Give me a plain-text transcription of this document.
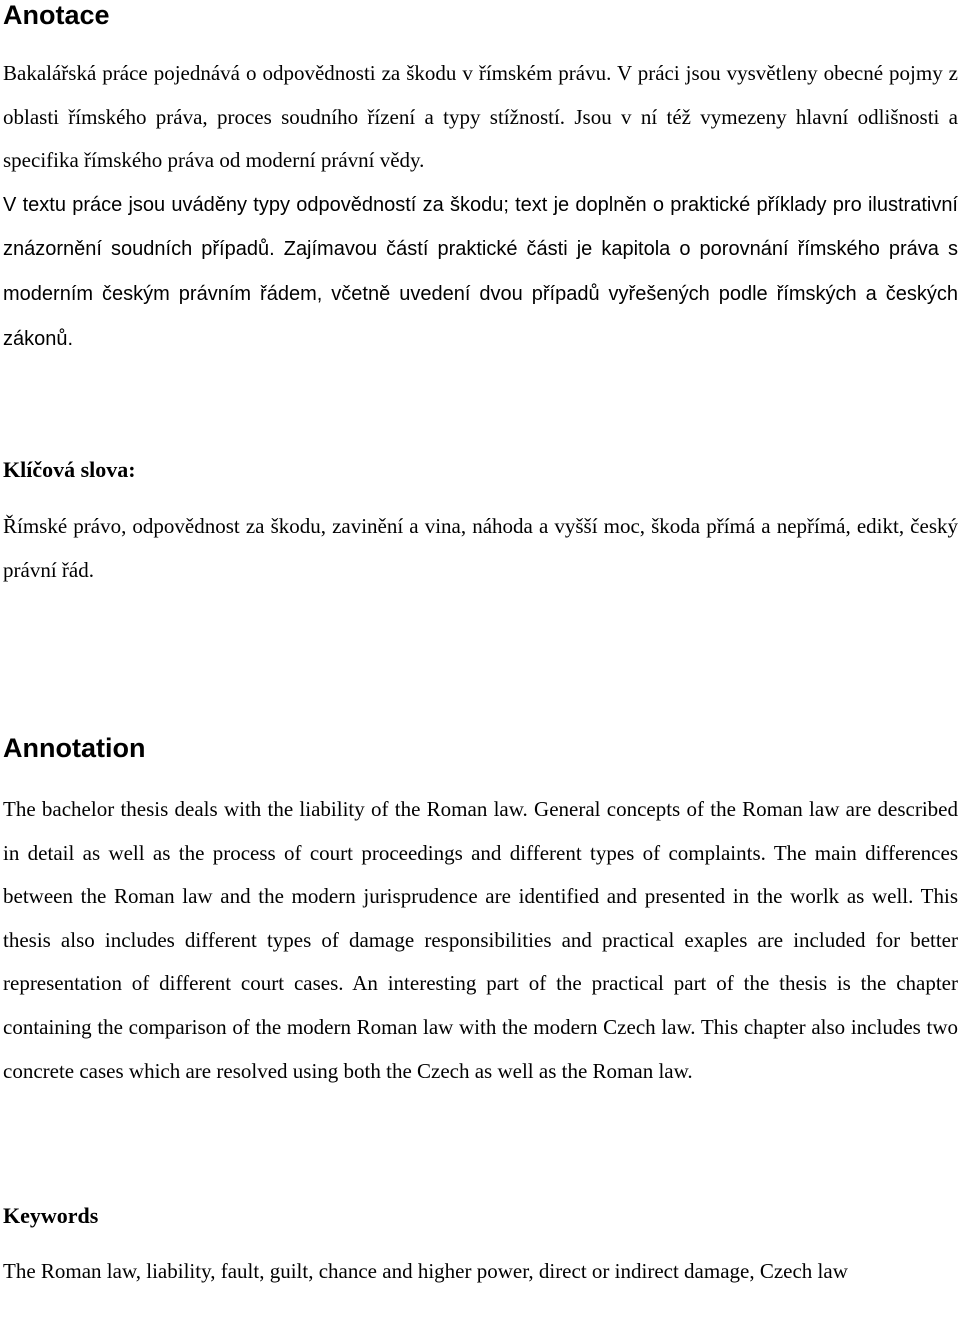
Anotace

Bakalářská práce pojednává o odpovědnosti za škodu v římském právu. V práci jsou vysvětleny obecné pojmy z oblasti římského práva, proces soudního řízení a typy stížností. Jsou v ní též vymezeny hlavní odlišnosti a specifika římského práva od moderní právní vědy.

V textu práce jsou uváděny typy odpovědností za škodu; text je doplněn o praktické příklady pro ilustrativní znázornění soudních případů. Zajímavou částí praktické části je kapitola o porovnání římského práva s moderním českým právním řádem, včetně uvedení dvou případů vyřešených podle římských a českých zákonů.

Klíčová slova:

Římské právo, odpovědnost za škodu, zavinění a vina, náhoda a vyšší moc, škoda přímá a nepřímá, edikt, český právní řád.

Annotation

The bachelor thesis deals with the liability of the Roman law. General concepts of the Roman law are described in detail as well as the process of court proceedings and different types of complaints. The main differences between the Roman law and the modern jurisprudence are identified and presented in the worlk as well. This thesis also includes different types of damage responsibilities and practical exaples are included for better representation of different court cases. An interesting part of the practical part of the thesis is the chapter containing the comparison of the modern Roman law with the modern Czech law. This chapter also includes two concrete cases which are resolved using both the Czech as well as the Roman law.

Keywords

The Roman law, liability, fault, guilt, chance and higher power, direct or indirect damage, Czech law
